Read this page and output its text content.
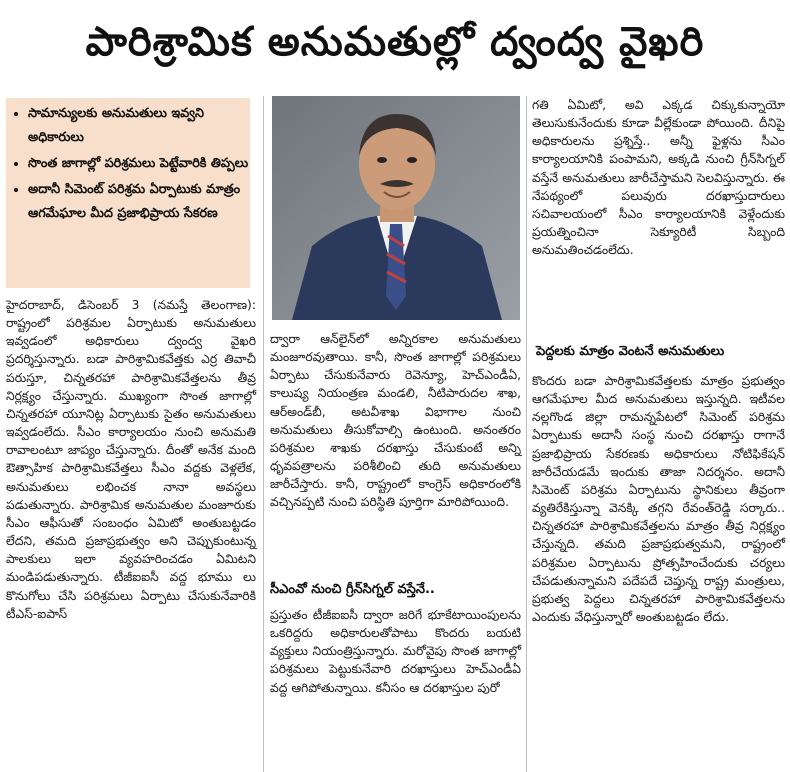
పారిశ్రామిక అనుమతుల్లో ద్వంద్వ వైఖరి
• సామాన్యులకు అనుమతులు ఇవ్వని అధికారులు
• సొంత జాగాల్లో పరిశ్రమలు పెట్టేవారికి తిప్పలు
• అదానీ సిమెంట్ పరిశ్రమ ఏర్పాటుకు మాత్రం ఆగమేఘాల మీద ప్రజాభిప్రాయ సేకరణ

హైదరాబాద్, డిసెంబర్ 3 (నమస్తే తెలంగాణ): రాష్ట్రంలో పరిశ్రమల ఏర్పాటుకు అనుమతులు ఇవ్వడంలో అధికారులు ద్వంద్వ వైఖరి ప్రదర్శిస్తున్నారు. బడా పారిశ్రామికవేత్తకు ఎర్ర తివాచీ పరుస్తూ, చిన్నతరహా పారిశ్రామికవేత్తలను తీవ్ర నిర్లక్ష్యం చేస్తున్నారు. ముఖ్యంగా సొంత జాగాల్లో చిన్నతరహా యూనిట్ల ఏర్పాటుకు సైతం అనుమతులు ఇవ్వడంలేదు. సీఎం కార్యాలయం నుంచి అనుమతి రావాలంటూ జాప్యం చేస్తున్నారు. దీంతో అనేక మంది ఔత్సాహిక పారిశ్రామికవేత్తలు సీఎం వద్దకు వెళ్లలేక, అనుమతులు లభించక నానా అవస్థలు పడుతున్నారు. పారిశ్రామిక అనుమతుల మంజూరుకు సీఎం ఆఫీసుతో సంబంధం ఏమిటో అంతుబట్టడం లేదని, తమది ప్రజాప్రభుత్వం అని చెప్పుకుంటున్న పాలకులు ఇలా వ్యవహరించడం ఏమిటని మండిపడుతున్నారు. టీజీఐఐసీ వద్ద భూము లు కొనుగోలు చేసి పరిశ్రమలు ఏర్పాటు చేసుకునేవారికి టీఎస్-ఐపాస్

ద్వారా ఆన్‌లైన్‌లో అన్నిరకాల అనుమతులు మంజూరవుతాయి. కానీ, సొంత జాగాల్లో పరిశ్రమలు ఏర్పాటు చేసుకునేవారు రెవెన్యూ, హెచ్‌ఎండీఏ, కాలుష్య నియంత్రణ మండలి, నీటిపారుదల శాఖ, ఆర్‌అండ్‌బీ, అటవీశాఖ విభాగాల నుంచి అనుమతులు తీసుకోవాల్సి ఉంటుంది. అనంతరం పరిశ్రమల శాఖకు దరఖాస్తు చేసుకుంటే అన్ని ధృవపత్రాలను పరిశీలించి తుది అనుమతులు జారీచేస్తారు. కానీ, రాష్ట్రంలో కాంగ్రెస్ అధికారంలోకి వచ్చినప్పటి నుంచి పరిస్థితి పూర్తిగా మారిపోయింది.

సీఎంవో నుంచి గ్రీన్‌సిగ్నల్ వస్తేనే..

ప్రస్తుతం టీజీఐఐసీ ద్వారా జరిగే భూకేటాయింపులను ఒకరిద్దరు అధికారులతోపాటు కొందరు బయటి వ్యక్తులు నియంత్రిస్తున్నారు. మరోవైపు సొంత జాగాల్లో పరిశ్రమలు పెట్టుకునేవారి దరఖాస్తులు హెచ్‌ఎండీఏ వద్ద ఆగిపోతున్నాయి. కనీసం ఆ దరఖాస్తుల పురో

గతి ఏమిటో, అవి ఎక్కడ చిక్కుకున్నాయో తెలుసుకునేందుకు కూడా వీల్లేకుండా పోయింది. దీనిపై అధికారులను ప్రశ్నిస్తే.. అన్నీ ఫైళ్లను సీఎం కార్యాలయానికి పంపామని, అక్కడి నుంచి గ్రీన్‌సిగ్నల్ వస్తేనే అనుమతులు జారీచేస్తామని సెలవిస్తున్నారు. ఈ నేపథ్యంలో పలువురు దరఖాస్తుదారులు సచివాలయంలో సీఎం కార్యాలయానికి వెళ్లేందుకు ప్రయత్నించినా సెక్యూరిటీ సిబ్బంది అనుమతించడంలేదు.

పెద్దలకు మాత్రం వెంటనే అనుమతులు

కొందరు బడా పారిశ్రామికవేత్తలకు మాత్రం ప్రభుత్వం ఆగమేఘాల మీద అనుమతులు ఇస్తున్నది. ఇటీవల నల్లగొండ జిల్లా రామన్నపేటలో సిమెంట్ పరిశ్రమ ఏర్పాటుకు అదానీ సంస్థ నుంచి దరఖాస్తు రాగానే ప్రజాభిప్రాయ సేకరణకు అధికారులు నోటిఫికేషన్ జారీచేయడమే ఇందుకు తాజా నిదర్శనం. అదానీ సిమెంట్ పరిశ్రమ ఏర్పాటును స్థానికులు తీవ్రంగా వ్యతిరేకిస్తున్నా వెనక్కి తగ్గని రేవంత్‌రెడ్డి సర్కారు.. చిన్నతరహా పారిశ్రామికవేత్తలను మాత్రం తీవ్ర నిర్లక్ష్యం చేస్తున్నది. తమది ప్రజాప్రభుత్వమని, రాష్ట్రంలో పరిశ్రమల ఏర్పాటును ప్రోత్సహించేందుకు చర్యలు చేపడుతున్నామని పదేపదే చెప్తున్న రాష్ట్ర మంత్రులు, ప్రభుత్వ పెద్దలు చిన్నతరహా పారిశ్రామికవేత్తలను ఎందుకు వేధిస్తున్నారో అంతుబట్టడం లేదు.
